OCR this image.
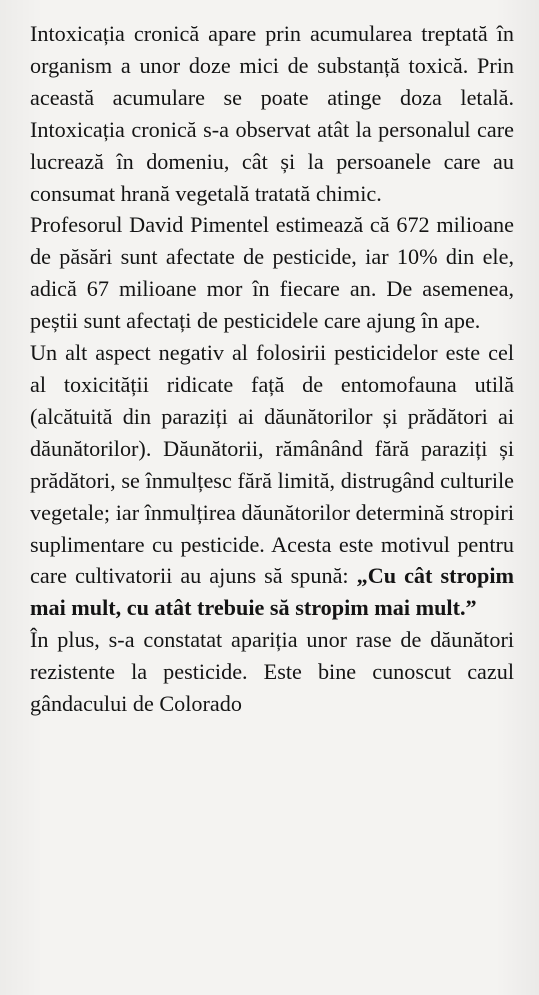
Intoxicația cronică apare prin acumularea treptată în organism a unor doze mici de substanță toxică. Prin această acumulare se poate atinge doza letală. Intoxicația cronică s-a observat atât la personalul care lucrează în domeniu, cât și la persoanele care au consumat hrană vegetală tratată chimic.

Profesorul David Pimentel estimează că 672 milioane de păsări sunt afectate de pesticide, iar 10% din ele, adică 67 milioane mor în fiecare an. De asemenea, peștii sunt afectați de pesticidele care ajung în ape.

Un alt aspect negativ al folosirii pesticidelor este cel al toxicității ridicate față de entomofauna utilă (alcătuită din paraziți ai dăunătorilor și prădători ai dăunătorilor). Dăunătorii, rămânând fără paraziți și prădători, se înmulțesc fără limită, distrugând culturile vegetale; iar înmulțirea dăunătorilor determină stropiri suplimentare cu pesticide. Acesta este motivul pentru care cultivatorii au ajuns să spună: „Cu cât stropim mai mult, cu atât trebuie să stropim mai mult.”

În plus, s-a constatat apariția unor rase de dăunători rezistente la pesticide. Este bine cunoscut cazul gândacului de Colorado
